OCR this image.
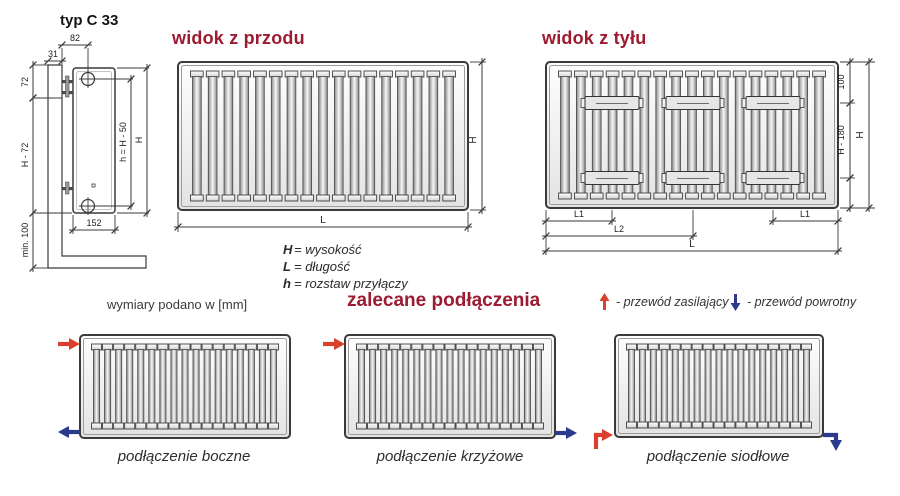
typ C 33
widok z przodu	widok z tyłu
82
31
72
H - 72
min. 100	152
h = H - 50 H	H
L
100
H - 180 H
L1	L1
L2
L
H = wysokość
L = długość
h = rozstaw przyłączy
wymiary podano w [mm]	zalecane podłączenia	- przewód zasilający - przewód powrotny
podłączenie boczne	podłączenie krzyżowe	podłączenie siodłowe
